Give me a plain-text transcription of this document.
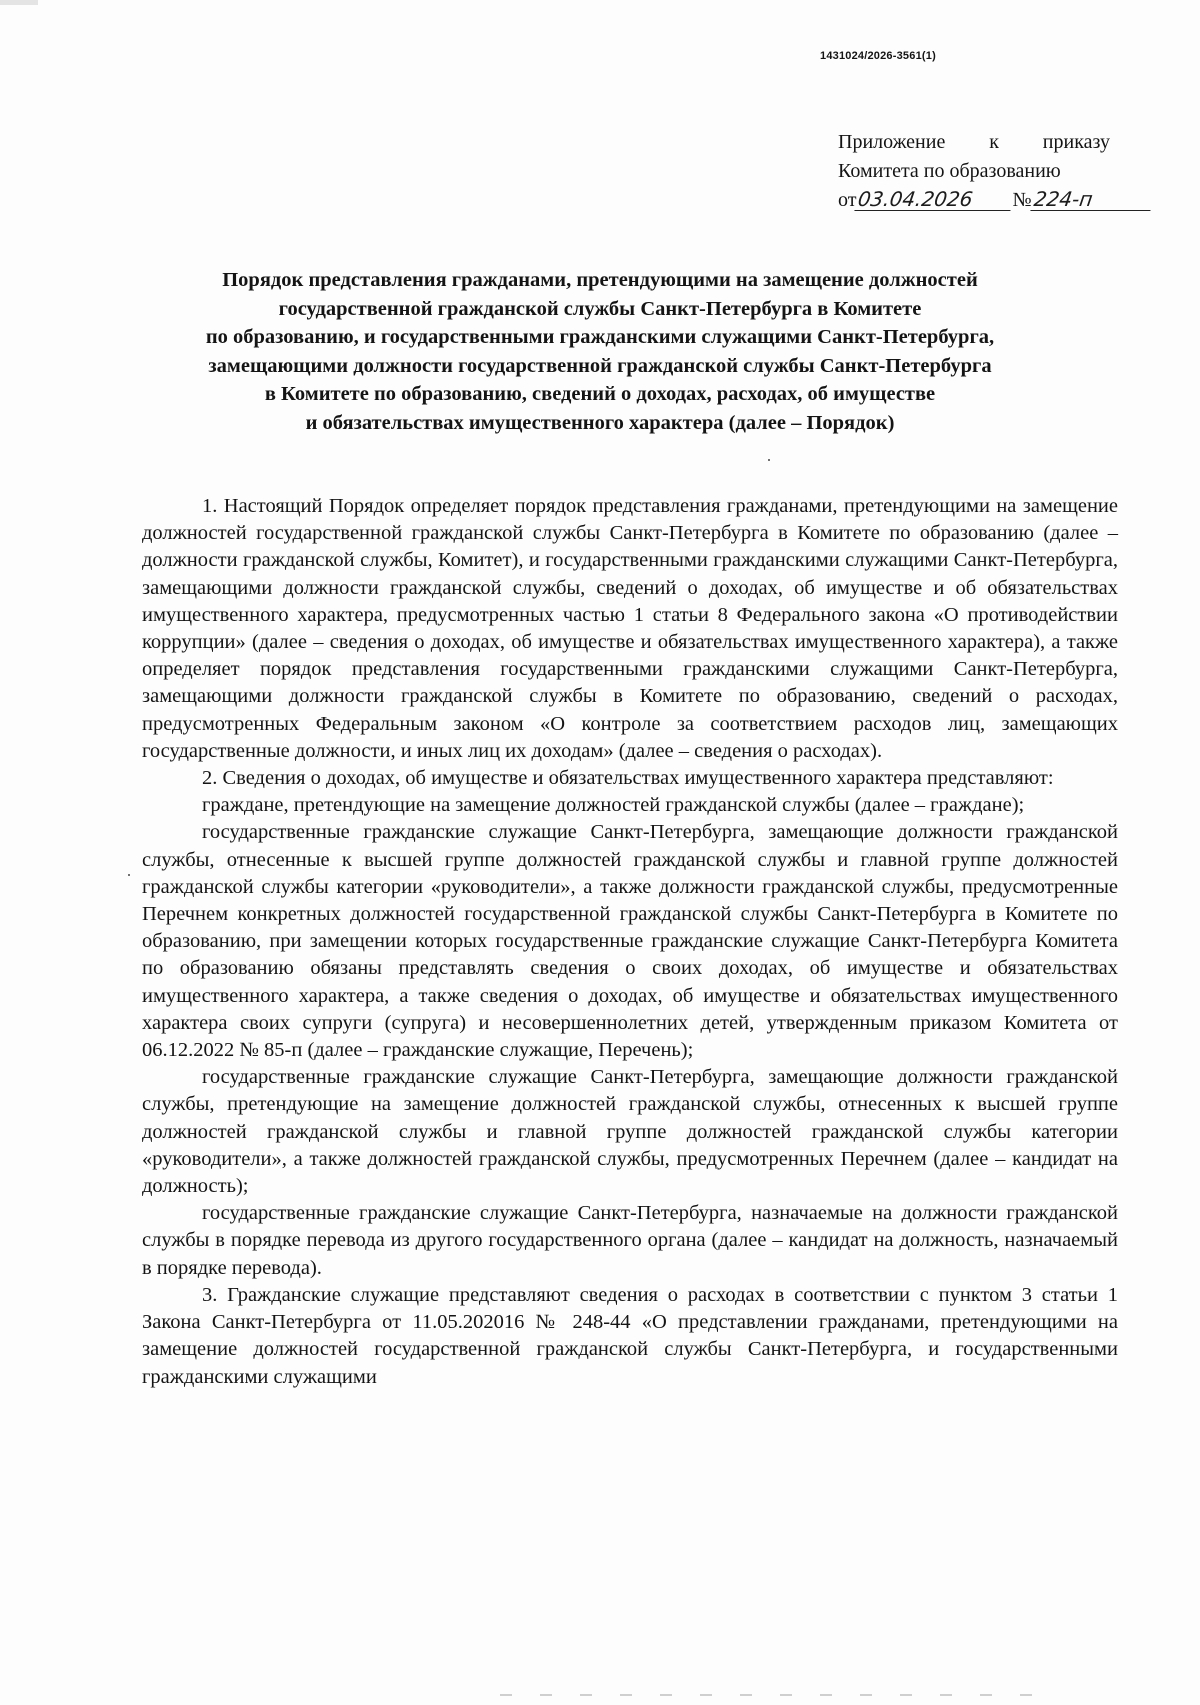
1431024/2026-3561(1)
Приложение к приказу
Комитета по образованию
от03.04.2026 №224-п
Порядок представления гражданами, претендующими на замещение должностей
государственной гражданской службы Санкт-Петербурга в Комитете
по образованию, и государственными гражданскими служащими Санкт-Петербурга,
замещающими должности государственной гражданской службы Санкт-Петербурга
в Комитете по образованию, сведений о доходах, расходах, об имуществе
и обязательствах имущественного характера (далее – Порядок)

1. Настоящий Порядок определяет порядок представления гражданами, претендующими на замещение должностей государственной гражданской службы Санкт-Петербурга в Комитете по образованию (далее – должности гражданской службы, Комитет), и государственными гражданскими служащими Санкт-Петербурга, замещающими должности гражданской службы, сведений о доходах, об имуществе и об обязательствах имущественного характера, предусмотренных частью 1 статьи 8 Федерального закона «О противодействии коррупции» (далее – сведения о доходах, об имуществе и обязательствах имущественного характера), а также определяет порядок представления государственными гражданскими служащими Санкт-Петербурга, замещающими должности гражданской службы в Комитете по образованию, сведений о расходах, предусмотренных Федеральным законом «О контроле за соответствием расходов лиц, замещающих государственные должности, и иных лиц их доходам» (далее – сведения о расходах).

2. Сведения о доходах, об имуществе и обязательствах имущественного характера представляют:

граждане, претендующие на замещение должностей гражданской службы (далее – граждане);

государственные гражданские служащие Санкт-Петербурга, замещающие должности гражданской службы, отнесенные к высшей группе должностей гражданской службы и главной группе должностей гражданской службы категории «руководители», а также должности гражданской службы, предусмотренные Перечнем конкретных должностей государственной гражданской службы Санкт-Петербурга в Комитете по образованию, при замещении которых государственные гражданские служащие Санкт-Петербурга Комитета по образованию обязаны представлять сведения о своих доходах, об имуществе и обязательствах имущественного характера, а также сведения о доходах, об имуществе и обязательствах имущественного характера своих супруги (супруга) и несовершеннолетних детей, утвержденным приказом Комитета от 06.12.2022 № 85-п (далее – гражданские служащие, Перечень);

государственные гражданские служащие Санкт-Петербурга, замещающие должности гражданской службы, претендующие на замещение должностей гражданской службы, отнесенных к высшей группе должностей гражданской службы и главной группе должностей гражданской службы категории «руководители», а также должностей гражданской службы, предусмотренных Перечнем (далее – кандидат на должность);

государственные гражданские служащие Санкт-Петербурга, назначаемые на должности гражданской службы в порядке перевода из другого государственного органа (далее – кандидат на должность, назначаемый в порядке перевода).

3. Гражданские служащие представляют сведения о расходах в соответствии с пунктом 3 статьи 1 Закона Санкт-Петербурга от 11.05.202016 № 248-44 «О представлении гражданами, претендующими на замещение должностей государственной гражданской службы Санкт-Петербурга, и государственными гражданскими служащими
